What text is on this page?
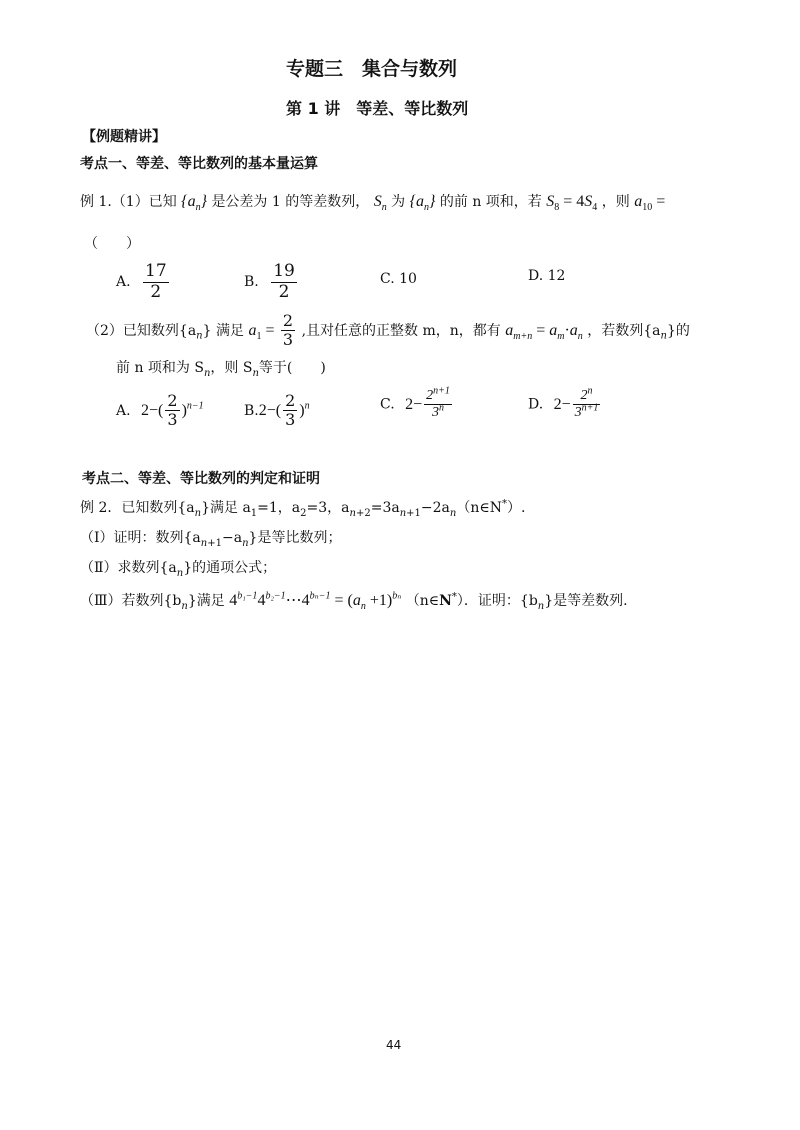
专题三　集合与数列
第 1 讲　等差、等比数列
【例题精讲】
考点一、等差、等比数列的基本量运算
例 1.（1）已知 $\{a_n\}$ 是公差为 1 的等差数列， $S_n$ 为 $\{a_n\}$ 的前 n 项和，若 $S_8 = 4S_4$ ，则 $a_{10}$ =
（　　）
A. $\frac{17}{2}$	B. $\frac{19}{2}$	C. 10	D. 12
（2）已知数列$\{a_n\}$ 满足 $a_1 = \frac{2}{3}$ ,且对任意的正整数 m，n，都有 $a_{m+n} = a_m\cdot a_n$ ，若数列$\{a_n\}$的
前 n 项和为 $S_n$，则 $S_n$等于(　　)
A. $2-( \frac{2}{3} )^{n-1}$	$B.2-( \frac{2}{3} )^n$	C. $2- \frac{2^{n+1}}{3^n}$	D. $2- \frac{2^n}{3^{n+1}}$
考点二、等差、等比数列的判定和证明
例 2．已知数列$\{a_n\}$满足 $a_1=1$，$a_2=3$，$a_{n+2}=3a_{n+1}-2a_n(n\in N^*)$.
（Ⅰ）证明：数列$\{a_{n+1}-a_n\}$是等比数列；
（Ⅱ）求数列$\{a_n\}$的通项公式；
（Ⅲ）若数列$\{b_n\}$满足 $4^{b_1-1}4^{b_2-1}\cdots 4^{b_n-1} = (a_n +1)^{b_n}$ （n∈N*）．证明：$\{b_n\}$是等差数列.
44
